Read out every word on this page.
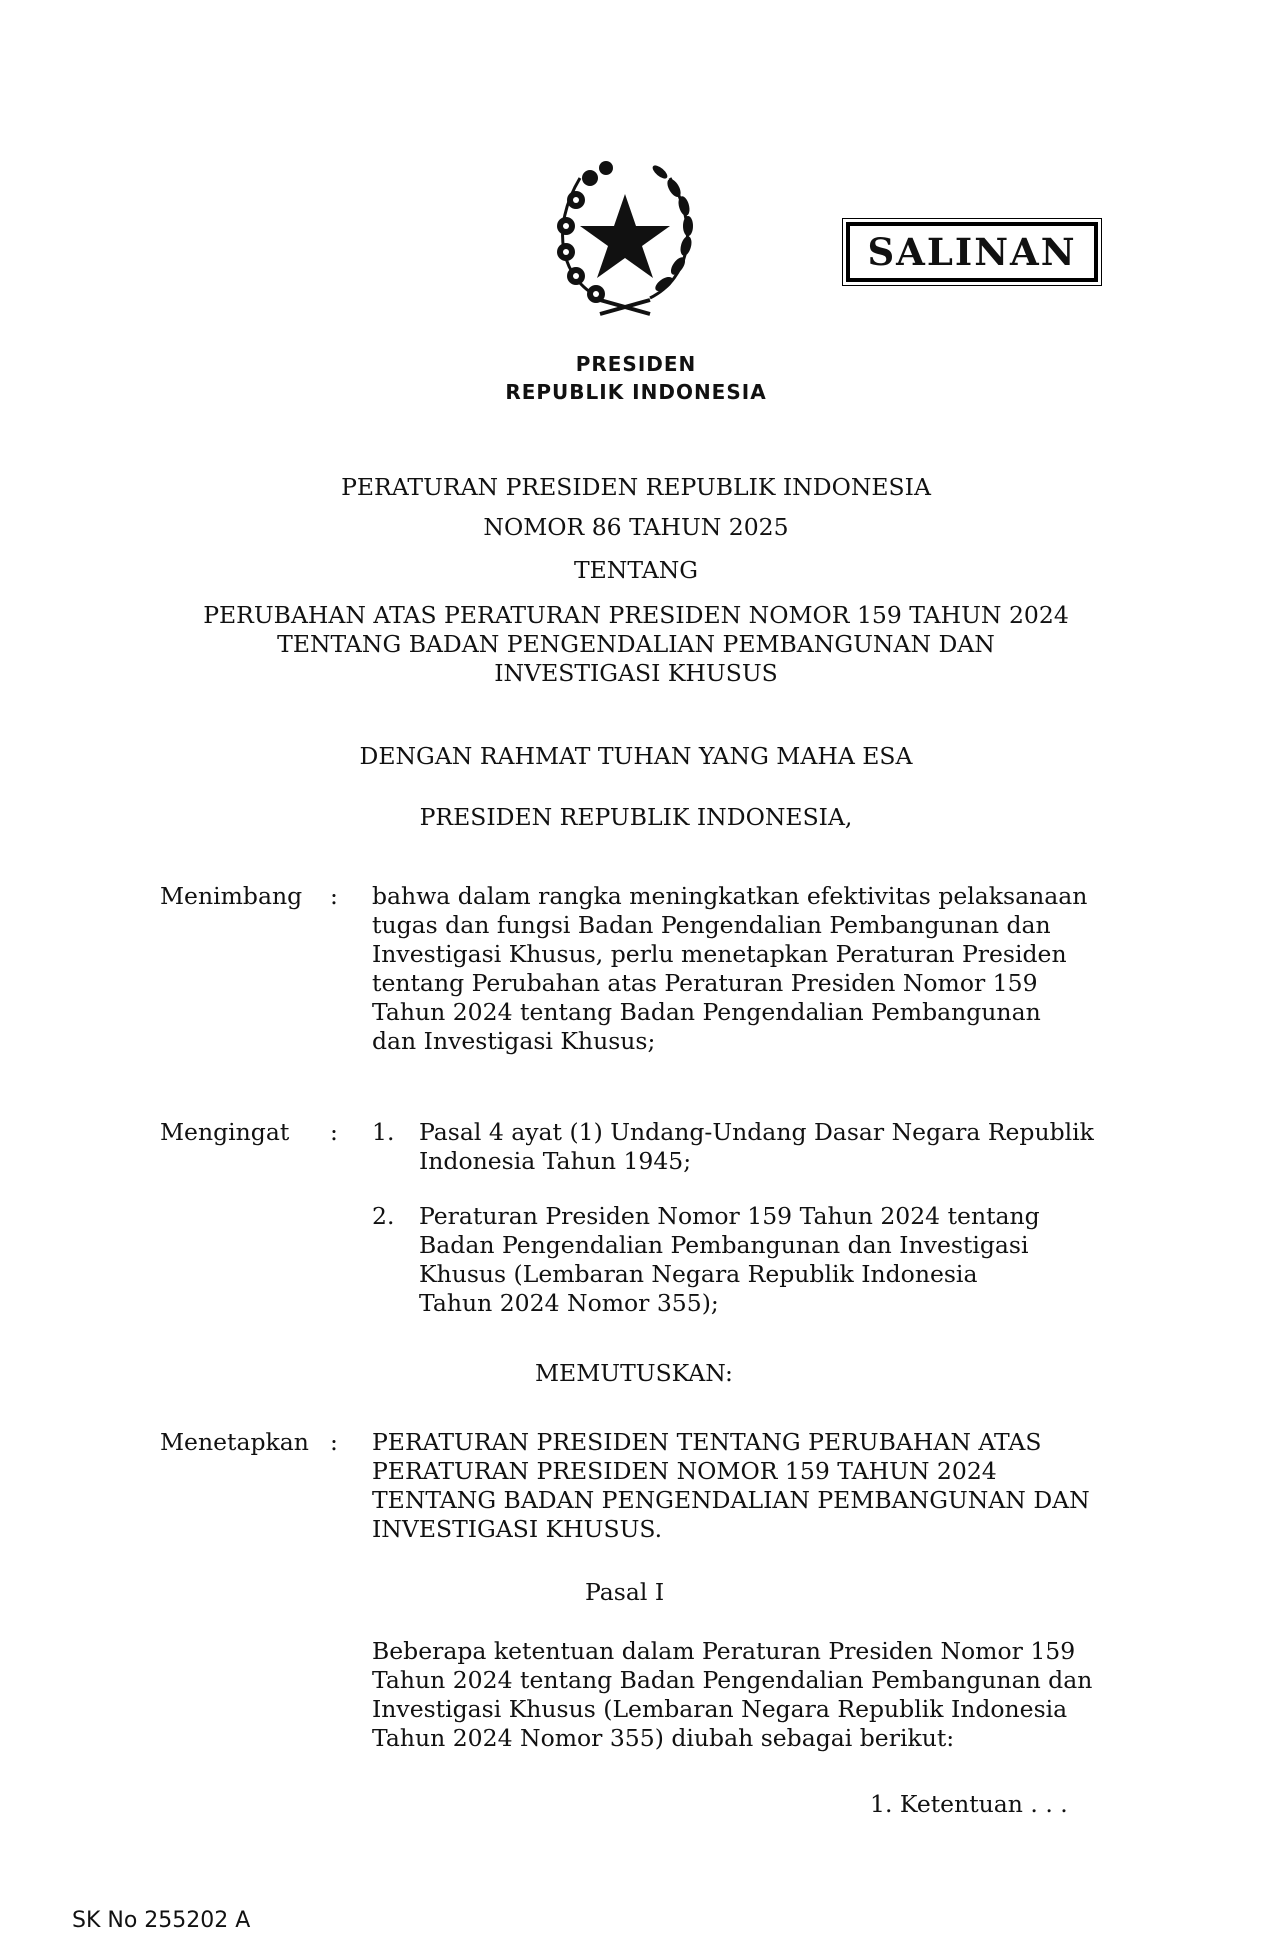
SALINAN
PRESIDEN
REPUBLIK INDONESIA
PERATURAN PRESIDEN REPUBLIK INDONESIA
NOMOR 86 TAHUN 2025
TENTANG
PERUBAHAN ATAS PERATURAN PRESIDEN NOMOR 159 TAHUN 2024
TENTANG BADAN PENGENDALIAN PEMBANGUNAN DAN
INVESTIGASI KHUSUS
DENGAN RAHMAT TUHAN YANG MAHA ESA
PRESIDEN REPUBLIK INDONESIA,
Menimbang : bahwa dalam rangka meningkatkan efektivitas pelaksanaan
tugas dan fungsi Badan Pengendalian Pembangunan dan
Investigasi Khusus, perlu menetapkan Peraturan Presiden
tentang Perubahan atas Peraturan Presiden Nomor 159
Tahun 2024 tentang Badan Pengendalian Pembangunan
dan Investigasi Khusus;
Mengingat : 1. Pasal 4 ayat (1) Undang-Undang Dasar Negara Republik
Indonesia Tahun 1945;
2. Peraturan Presiden Nomor 159 Tahun 2024 tentang
Badan Pengendalian Pembangunan dan Investigasi
Khusus (Lembaran Negara Republik Indonesia
Tahun 2024 Nomor 355);
MEMUTUSKAN:
Menetapkan : PERATURAN PRESIDEN TENTANG PERUBAHAN ATAS
PERATURAN PRESIDEN NOMOR 159 TAHUN 2024
TENTANG BADAN PENGENDALIAN PEMBANGUNAN DAN
INVESTIGASI KHUSUS.
Pasal I
Beberapa ketentuan dalam Peraturan Presiden Nomor 159
Tahun 2024 tentang Badan Pengendalian Pembangunan dan
Investigasi Khusus (Lembaran Negara Republik Indonesia
Tahun 2024 Nomor 355) diubah sebagai berikut:
1. Ketentuan . . .
SK No 255202 A
